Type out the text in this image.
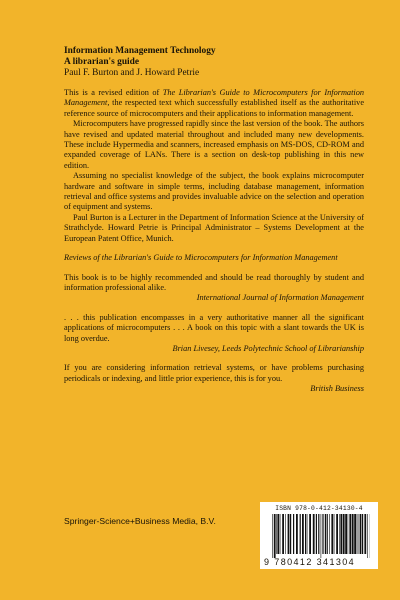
Information Management Technology
A librarian's guide
Paul F. Burton and J. Howard Petrie

This is a revised edition of The Librarian's Guide to Microcomputers for Information Management, the respected text which successfully established itself as the authoritative reference source of microcomputers and their applications to information management.

Microcomputers have progressed rapidly since the last version of the book. The authors have revised and updated material throughout and included many new developments. These include Hypermedia and scanners, increased emphasis on MS-DOS, CD-ROM and expanded coverage of LANs. There is a section on desk-top publishing in this new edition.

Assuming no specialist knowledge of the subject, the book explains microcomputer hardware and software in simple terms, including database management, information retrieval and office systems and provides invaluable advice on the selection and operation of equipment and systems.

Paul Burton is a Lecturer in the Department of Information Science at the University of Strathclyde. Howard Petrie is Principal Administrator – Systems Development at the European Patent Office, Munich.

Reviews of the Librarian's Guide to Microcomputers for Information Management

This book is to be highly recommended and should be read thoroughly by student and information professional alike.

International Journal of Information Management

. . . this publication encompasses in a very authoritative manner all the significant applications of microcomputers . . . A book on this topic with a slant towards the UK is long overdue.

Brian Livesey, Leeds Polytechnic School of Librarianship

If you are considering information retrieval systems, or have problems purchasing periodicals or indexing, and little prior experience, this is for you.

British Business

Springer-Science+Business Media, B.V.
ISBN 978-0-412-34130-4
9 780412 341304
